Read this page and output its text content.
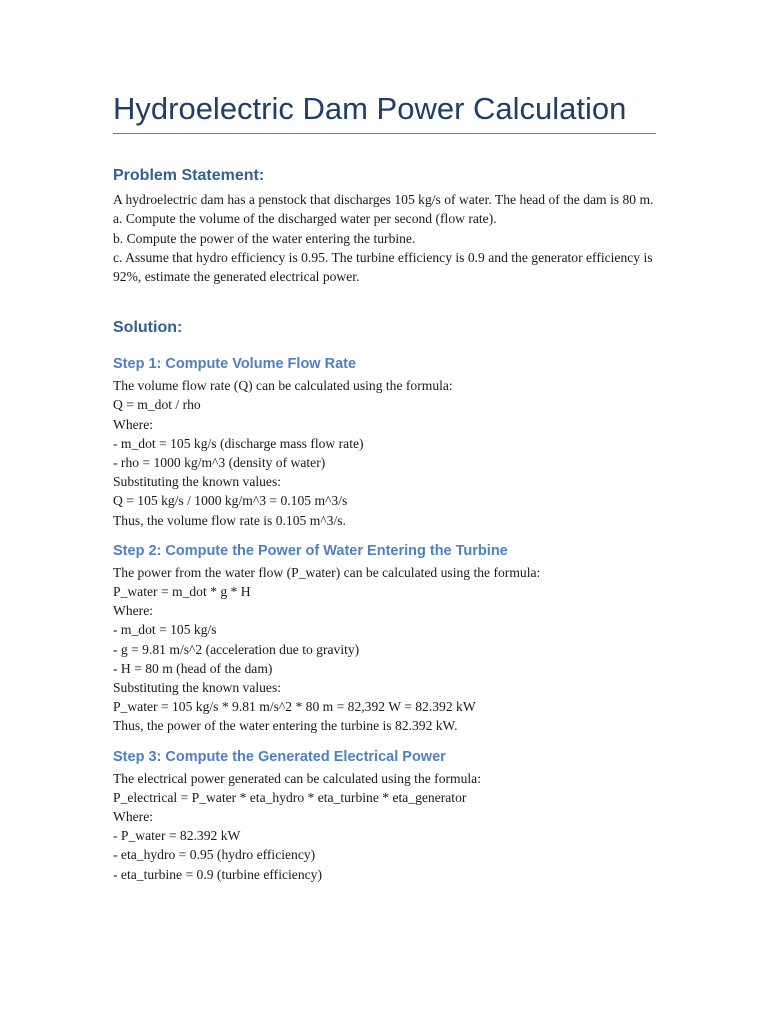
Hydroelectric Dam Power Calculation
Problem Statement:

A hydroelectric dam has a penstock that discharges 105 kg/s of water. The head of the dam is 80 m.

a. Compute the volume of the discharged water per second (flow rate).

b. Compute the power of the water entering the turbine.

c. Assume that hydro efficiency is 0.95. The turbine efficiency is 0.9 and the generator efficiency is 92%, estimate the generated electrical power.

Solution:
Step 1: Compute Volume Flow Rate

The volume flow rate (Q) can be calculated using the formula:

Q = m_dot / rho

Where:

- m_dot = 105 kg/s (discharge mass flow rate)

- rho = 1000 kg/m^3 (density of water)

Substituting the known values:

Q = 105 kg/s / 1000 kg/m^3 = 0.105 m^3/s

Thus, the volume flow rate is 0.105 m^3/s.

Step 2: Compute the Power of Water Entering the Turbine

The power from the water flow (P_water) can be calculated using the formula:

P_water = m_dot * g * H

Where:

- m_dot = 105 kg/s

- g = 9.81 m/s^2 (acceleration due to gravity)

- H = 80 m (head of the dam)

Substituting the known values:

P_water = 105 kg/s * 9.81 m/s^2 * 80 m = 82,392 W = 82.392 kW

Thus, the power of the water entering the turbine is 82.392 kW.

Step 3: Compute the Generated Electrical Power

The electrical power generated can be calculated using the formula:

P_electrical = P_water * eta_hydro * eta_turbine * eta_generator

Where:

- P_water = 82.392 kW

- eta_hydro = 0.95 (hydro efficiency)

- eta_turbine = 0.9 (turbine efficiency)
